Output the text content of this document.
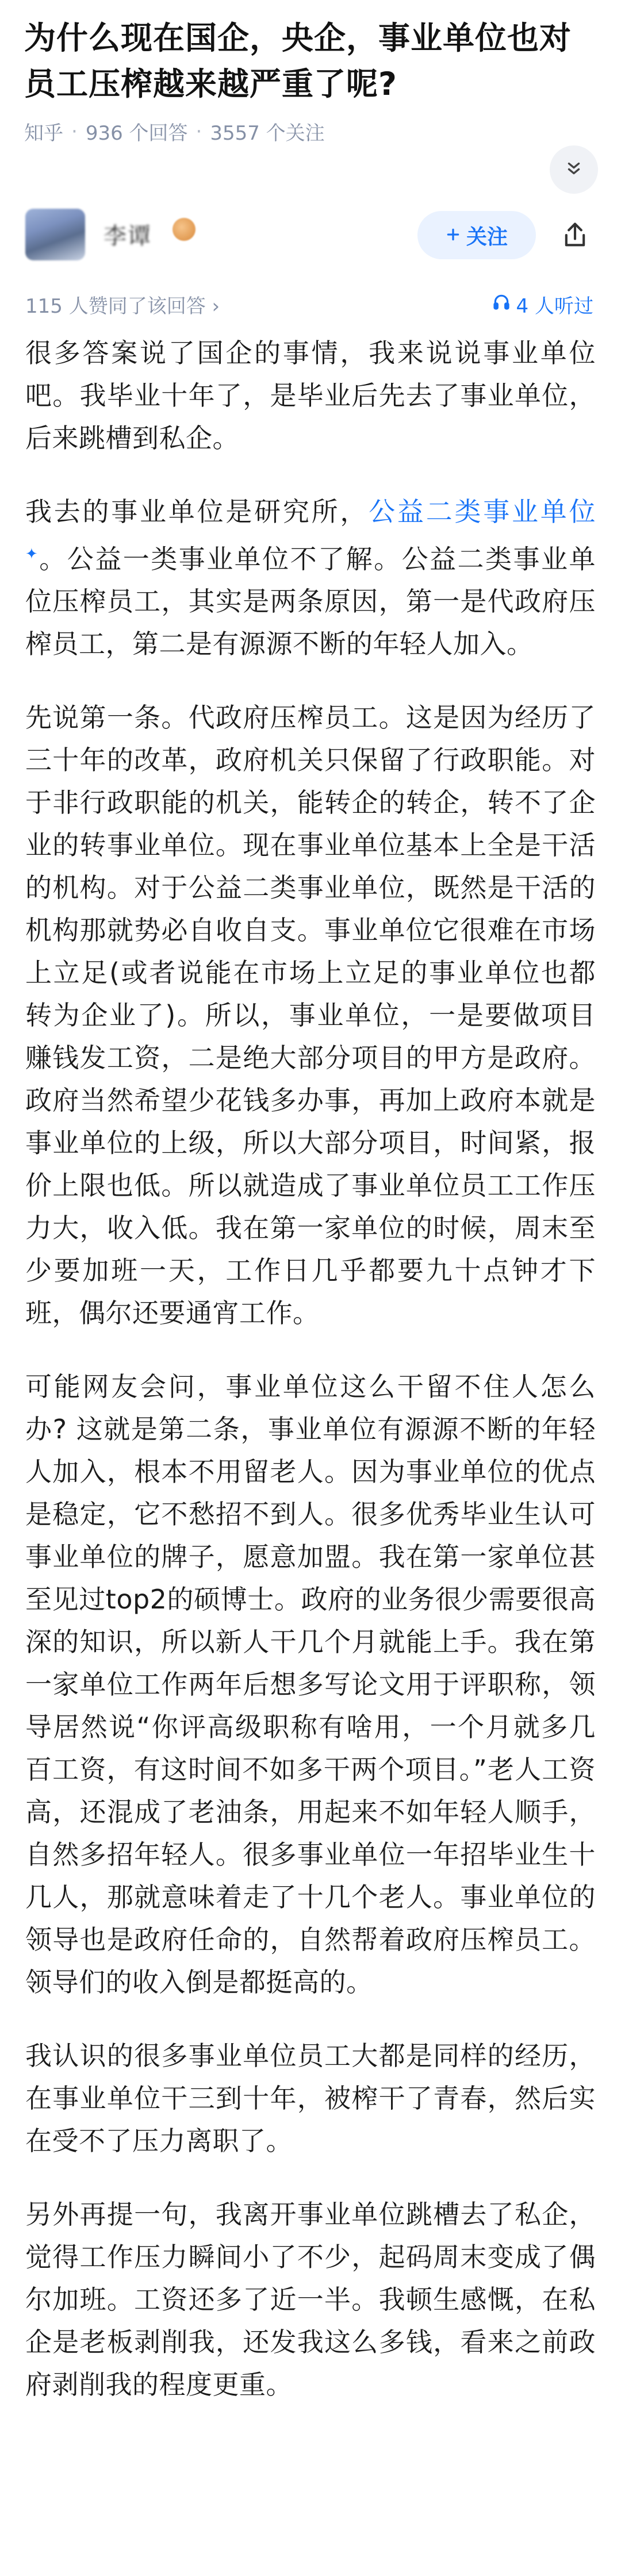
为什么现在国企，央企，事业单位也对员工压榨越来越严重了呢?
知乎 · 936 个回答 · 3557 个关注
李谭	关注
115 人赞同了该回答 ›	4 人听过

很多答案说了国企的事情，我来说说事业单位吧。我毕业十年了，是毕业后先去了事业单位，后来跳槽到私企。

我去的事业单位是研究所，公益二类事业单位✦。公益一类事业单位不了解。公益二类事业单位压榨员工，其实是两条原因，第一是代政府压榨员工，第二是有源源不断的年轻人加入。

先说第一条。代政府压榨员工。这是因为经历了三十年的改革，政府机关只保留了行政职能。对于非行政职能的机关，能转企的转企，转不了企业的转事业单位。现在事业单位基本上全是干活的机构。对于公益二类事业单位，既然是干活的机构那就势必自收自支。事业单位它很难在市场上立足(或者说能在市场上立足的事业单位也都转为企业了)。所以，事业单位，一是要做项目赚钱发工资，二是绝大部分项目的甲方是政府。政府当然希望少花钱多办事，再加上政府本就是事业单位的上级，所以大部分项目，时间紧，报价上限也低。所以就造成了事业单位员工工作压力大，收入低。我在第一家单位的时候，周末至少要加班一天，工作日几乎都要九十点钟才下班，偶尔还要通宵工作。

可能网友会问，事业单位这么干留不住人怎么办? 这就是第二条，事业单位有源源不断的年轻人加入，根本不用留老人。因为事业单位的优点是稳定，它不愁招不到人。很多优秀毕业生认可事业单位的牌子，愿意加盟。我在第一家单位甚至见过top2的硕博士。政府的业务很少需要很高深的知识，所以新人干几个月就能上手。我在第一家单位工作两年后想多写论文用于评职称，领导居然说“你评高级职称有啥用，一个月就多几百工资，有这时间不如多干两个项目。”老人工资高，还混成了老油条，用起来不如年轻人顺手，自然多招年轻人。很多事业单位一年招毕业生十几人，那就意味着走了十几个老人。事业单位的领导也是政府任命的，自然帮着政府压榨员工。领导们的收入倒是都挺高的。

我认识的很多事业单位员工大都是同样的经历，在事业单位干三到十年，被榨干了青春，然后实在受不了压力离职了。

另外再提一句，我离开事业单位跳槽去了私企，觉得工作压力瞬间小了不少，起码周末变成了偶尔加班。工资还多了近一半。我顿生感慨，在私企是老板剥削我，还发我这么多钱，看来之前政府剥削我的程度更重。
